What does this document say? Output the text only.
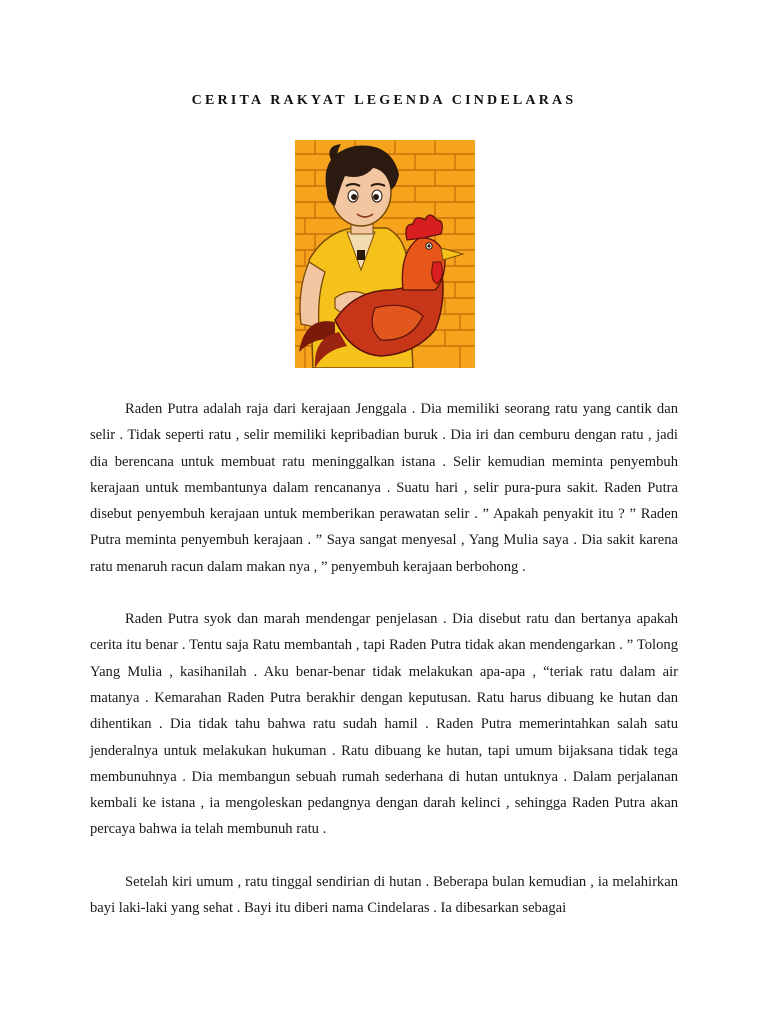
CERITA RAKYAT LEGENDA CINDELARAS

Raden Putra adalah raja dari kerajaan Jenggala . Dia memiliki seorang ratu yang cantik dan selir . Tidak seperti ratu , selir memiliki kepribadian buruk . Dia iri dan cemburu dengan ratu , jadi dia berencana untuk membuat ratu meninggalkan istana . Selir kemudian meminta penyembuh kerajaan untuk membantunya dalam rencananya . Suatu hari , selir pura-pura sakit. Raden Putra disebut penyembuh kerajaan untuk memberikan perawatan selir . ” Apakah penyakit itu ? ” Raden Putra meminta penyembuh kerajaan . ” Saya sangat menyesal , Yang Mulia saya . Dia sakit karena ratu menaruh racun dalam makan nya , ” penyembuh kerajaan berbohong .

Raden Putra syok dan marah mendengar penjelasan . Dia disebut ratu dan bertanya apakah cerita itu benar . Tentu saja Ratu membantah , tapi Raden Putra tidak akan mendengarkan . ” Tolong Yang Mulia , kasihanilah . Aku benar-benar tidak melakukan apa-apa , “teriak ratu dalam air matanya . Kemarahan Raden Putra berakhir dengan keputusan. Ratu harus dibuang ke hutan dan dihentikan . Dia tidak tahu bahwa ratu sudah hamil . Raden Putra memerintahkan salah satu jenderalnya untuk melakukan hukuman . Ratu dibuang ke hutan, tapi umum bijaksana tidak tega membunuhnya . Dia membangun sebuah rumah sederhana di hutan untuknya . Dalam perjalanan kembali ke istana , ia mengoleskan pedangnya dengan darah kelinci , sehingga Raden Putra akan percaya bahwa ia telah membunuh ratu .

Setelah kiri umum , ratu tinggal sendirian di hutan . Beberapa bulan kemudian , ia melahirkan bayi laki-laki yang sehat . Bayi itu diberi nama Cindelaras . Ia dibesarkan sebagai
